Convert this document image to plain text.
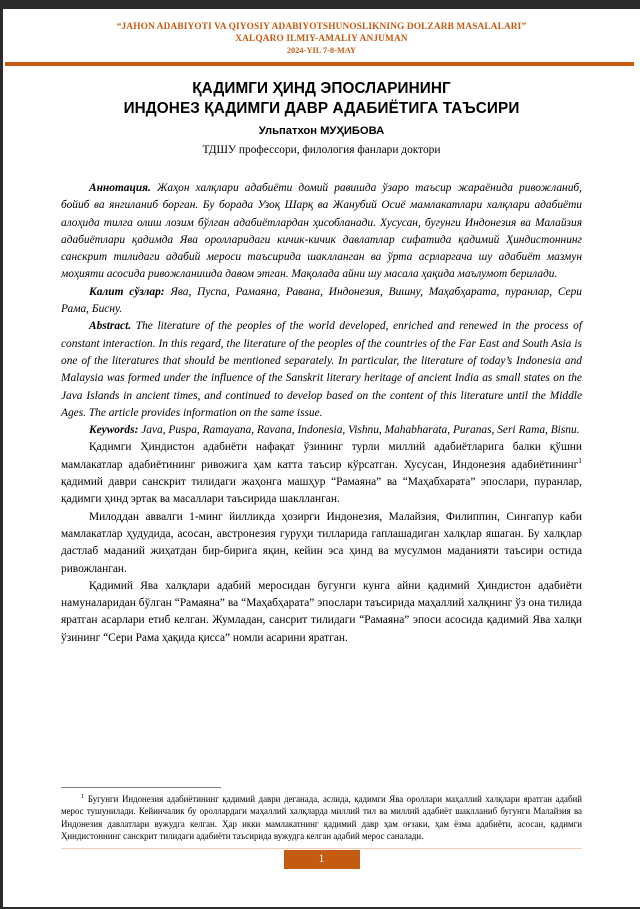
“JAHON ADABIYOTI VA QIYOSIY ADABIYOTSHUNOSLIKNING DOLZARB MASALALARI”
XALQARO ILMIY-AMALIY ANJUMAN
2024-YIL 7-8-MAY
ҚАДИМГИ ҲИНД ЭПОСЛАРИНИНГ
ИНДОНЕЗ ҚАДИМГИ ДАВР АДАБИЁТИГА ТАЪСИРИ
Ульпатхон МУҲИБОВА
ТДШУ профессори, филология фанлари доктори

Аннотация. Жаҳон халқлари адабиёти домий равишда ўзаро таъсир жараёнида ривожланиб, бойиб ва янгиланиб борган. Бу борада Узоқ Шарқ ва Жанубий Осиё мамлакатлари халқлари адабиёти алоҳида тилга олиш лозим бўлган адабиётлардан ҳисобланади. Хусусан, бугунги Индонезия ва Малайзия адабиётлари қадимда Ява оролларидаги кичик-кичик давлатлар сифатида қадимий Ҳиндистоннинг санскрит тилидаги адабий мероси таъсирида шаклланган ва ўрта асрларгача шу адабиёт мазмун моҳияти асосида ривожланишда давом этган. Мақолада айни шу масала ҳақида маълумот берилади.

Калит сўзлар: Ява, Пуспа, Рамаяна, Равана, Индонезия, Вишну, Маҳабҳарата, пуранлар, Сери Рама, Бисну.

Abstract. The literature of the peoples of the world developed, enriched and renewed in the process of constant interaction. In this regard, the literature of the peoples of the countries of the Far East and South Asia is one of the literatures that should be mentioned separately. In particular, the literature of today’s Indonesia and Malaysia was formed under the influence of the Sanskrit literary heritage of ancient India as small states on the Java Islands in ancient times, and continued to develop based on the content of this literature until the Middle Ages. The article provides information on the same issue.

Keywords: Java, Puspa, Ramayana, Ravana, Indonesia, Vishnu, Mahabharata, Puranas, Seri Rama, Bisnu.

Қадимги Ҳиндистон адабиёти нафақат ўзининг турли миллий адабиётларига балки қўшни мамлакатлар адабиётининг ривожига ҳам катта таъсир кўрсатган. Хусусан, Индонезия адабиётининг$^1$ қадимий даври санскрит тилидаги жаҳонга машҳур “Рамаяна” ва “Маҳабхарата” эпослари, пуранлар, қадимги ҳинд эртак ва масаллари таъсирида шаклланган.

Милоддан аввалги 1-минг йилликда ҳозирги Индонезия, Малайзия, Филиппин, Сингапур каби мамлакатлар ҳудудида, асосан, австронезия гуруҳи тилларида гаплашадиган халқлар яшаган. Бу халқлар дастлаб маданий жиҳатдан бир-бирига яқин, кейин эса ҳинд ва мусулмон маданияти таъсири остида ривожланган.

Қадимий Ява халқлари адабий меросидан бугунги кунга айни қадимий Ҳиндистон адабиёти намуналаридан бўлган “Рамаяна” ва “Маҳабҳарата” эпослари таъсирида маҳаллий халқнинг ўз она тилида яратган асарлари етиб келган. Жумладан, сансрит тилидаги “Рамаяна” эпоси асосида қадимий Ява халқи ўзининг “Сери Рама ҳақида қисса” номли асарини яратган.

$^1$ Бугунги Индонезия адабиётининг қадимий даври деганада, аслида, қадимги Ява ороллари маҳаллий халқлари яратган адабий мерос тушунилади. Кейинчалик бу ороллардаги маҳаллий халқларда миллий тил ва миллий адабиёт шаклланиб бугунги Малайзия ва Индонезия давлатлари вужудга келган. Ҳар икки мамлакатнинг қадимий давр ҳам оғзаки, ҳам ёзма адабиёти, асосан, қадимги Ҳиндистоннинг санскрит тилидаги адабиёти таъсирида вужудга келган адабий мерос саналади.

1
